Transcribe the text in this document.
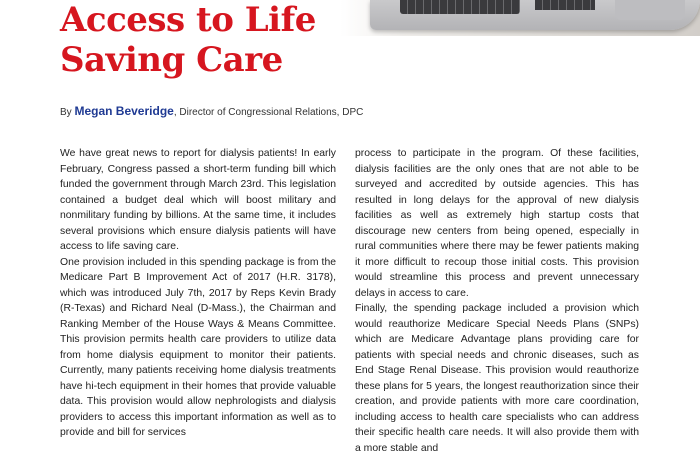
Access to Life
Saving Care
By Megan Beveridge, Director of Congressional Relations, DPC

We have great news to report for dialysis patients! In early February, Congress passed a short-term funding bill which funded the government through March 23rd. This legislation contained a budget deal which will boost military and nonmilitary funding by billions. At the same time, it includes several provisions which ensure dialysis patients will have access to life saving care.

One provision included in this spending package is from the Medicare Part B Improvement Act of 2017 (H.R. 3178), which was introduced July 7th, 2017 by Reps Kevin Brady (R-Texas) and Richard Neal (D-Mass.), the Chairman and Ranking Member of the House Ways & Means Committee. This provision permits health care providers to utilize data from home dialysis equipment to monitor their patients. Currently, many patients receiving home dialysis treatments have hi-tech equipment in their homes that provide valuable data. This provision would allow nephrologists and dialysis providers to access this important information as well as to provide and bill for services

process to participate in the program. Of these facilities, dialysis facilities are the only ones that are not able to be surveyed and accredited by outside agencies. This has resulted in long delays for the approval of new dialysis facilities as well as extremely high startup costs that discourage new centers from being opened, especially in rural communities where there may be fewer patients making it more difficult to recoup those initial costs. This provision would streamline this process and prevent unnecessary delays in access to care.

Finally, the spending package included a provision which would reauthorize Medicare Special Needs Plans (SNPs) which are Medicare Advantage plans providing care for patients with special needs and chronic diseases, such as End Stage Renal Disease. This provision would reauthorize these plans for 5 years, the longest reauthorization since their creation, and provide patients with more care coordination, including access to health care specialists who can address their specific health care needs. It will also provide them with a more stable and
